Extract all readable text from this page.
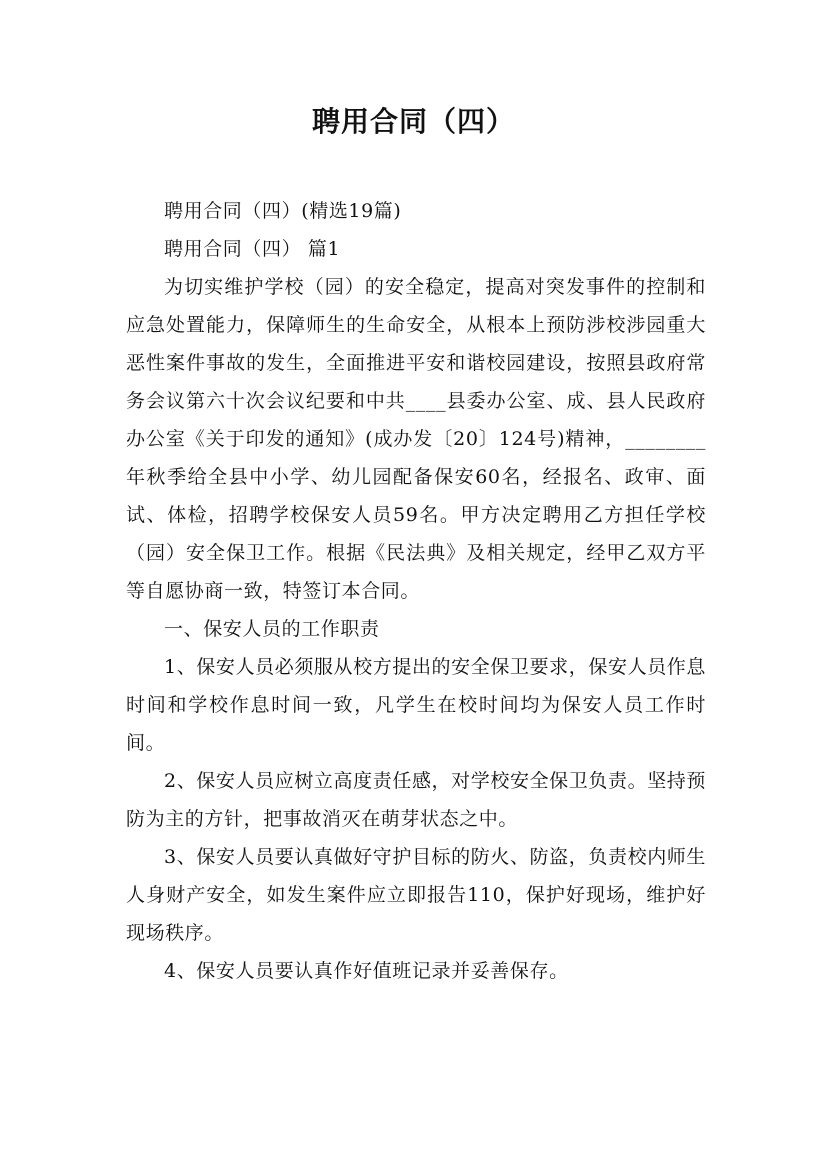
聘用合同（四）

聘用合同（四）(精选19篇)

聘用合同（四） 篇1

为切实维护学校（园）的安全稳定，提高对突发事件的控制和应急处置能力，保障师生的生命安全，从根本上预防涉校涉园重大恶性案件事故的发生，全面推进平安和谐校园建设，按照县政府常务会议第六十次会议纪要和中共____县委办公室、成、县人民政府办公室《关于印发的通知》(成办发〔20〕124号)精神，________年秋季给全县中小学、幼儿园配备保安60名，经报名、政审、面试、体检，招聘学校保安人员59名。甲方决定聘用乙方担任学校（园）安全保卫工作。根据《民法典》及相关规定，经甲乙双方平等自愿协商一致，特签订本合同。

一、保安人员的工作职责

1、保安人员必须服从校方提出的安全保卫要求，保安人员作息时间和学校作息时间一致，凡学生在校时间均为保安人员工作时间。

2、保安人员应树立高度责任感，对学校安全保卫负责。坚持预防为主的方针，把事故消灭在萌芽状态之中。

3、保安人员要认真做好守护目标的防火、防盗，负责校内师生人身财产安全，如发生案件应立即报告110，保护好现场，维护好现场秩序。

4、保安人员要认真作好值班记录并妥善保存。
